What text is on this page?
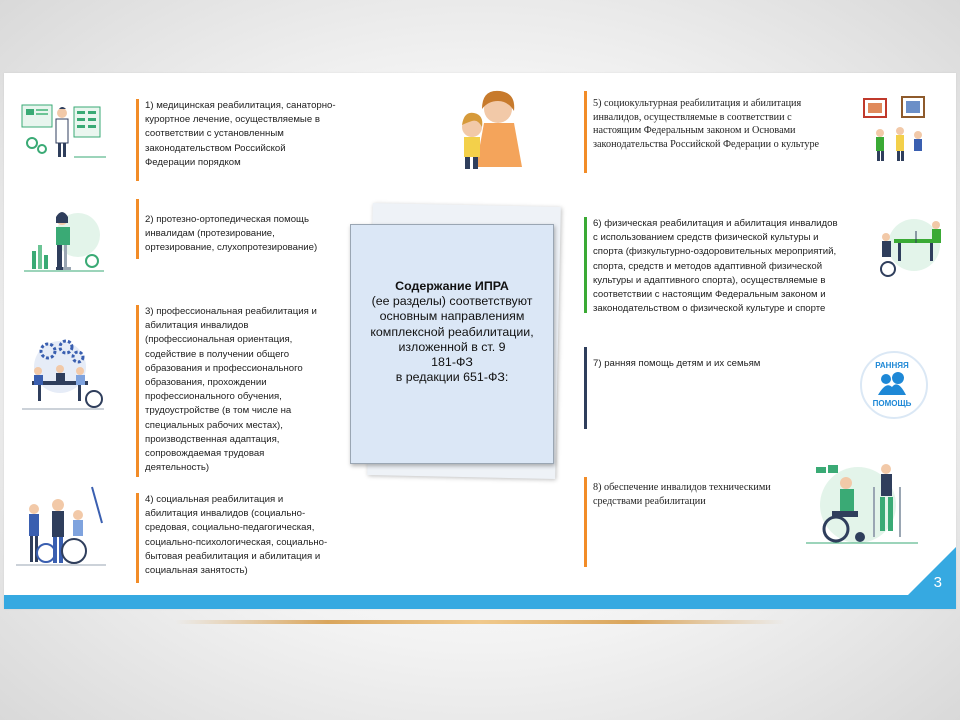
1) медицинская реабилитация, санаторно-
курортное лечение, осуществляемые в
соответствии с установленным
законодательством Российской
Федерации порядком
2) протезно-ортопедическая помощь
инвалидам (протезирование,
ортезирование, слухопротезирование)
3) профессиональная реабилитация и
абилитация инвалидов
(профессиональная ориентация,
содействие в получении общего
образования и профессионального
образования, прохождении
профессионального обучения,
трудоустройстве (в том числе на
специальных рабочих местах),
производственная адаптация,
сопровождаемая трудовая
деятельность)
4) социальная реабилитация и
абилитация инвалидов (социально-
средовая, социально-педагогическая,
социально-психологическая, социально-
бытовая реабилитация и абилитация и
социальная занятость)
Содержание ИПРА
(ее разделы) соответствуют
основным направлениям
комплексной реабилитации,
изложенной в ст. 9
181-ФЗ
в редакции 651-ФЗ:
5) социокультурная реабилитация и абилитация
инвалидов, осуществляемые в соответствии с
настоящим Федеральным законом и Основами
законодательства Российской Федерации о культуре
6) физическая реабилитация и абилитация инвалидов
с использованием средств физической культуры и
спорта (физкультурно-оздоровительных мероприятий,
спорта, средств и методов адаптивной физической
культуры и адаптивного спорта), осуществляемые в
соответствии с настоящим Федеральным законом и
законодательством о физической культуре и спорте
7) ранняя помощь детям и их семьям	РАННЯЯ
ПОМОЩЬ
8) обеспечение инвалидов техническими
средствами реабилитации
3
